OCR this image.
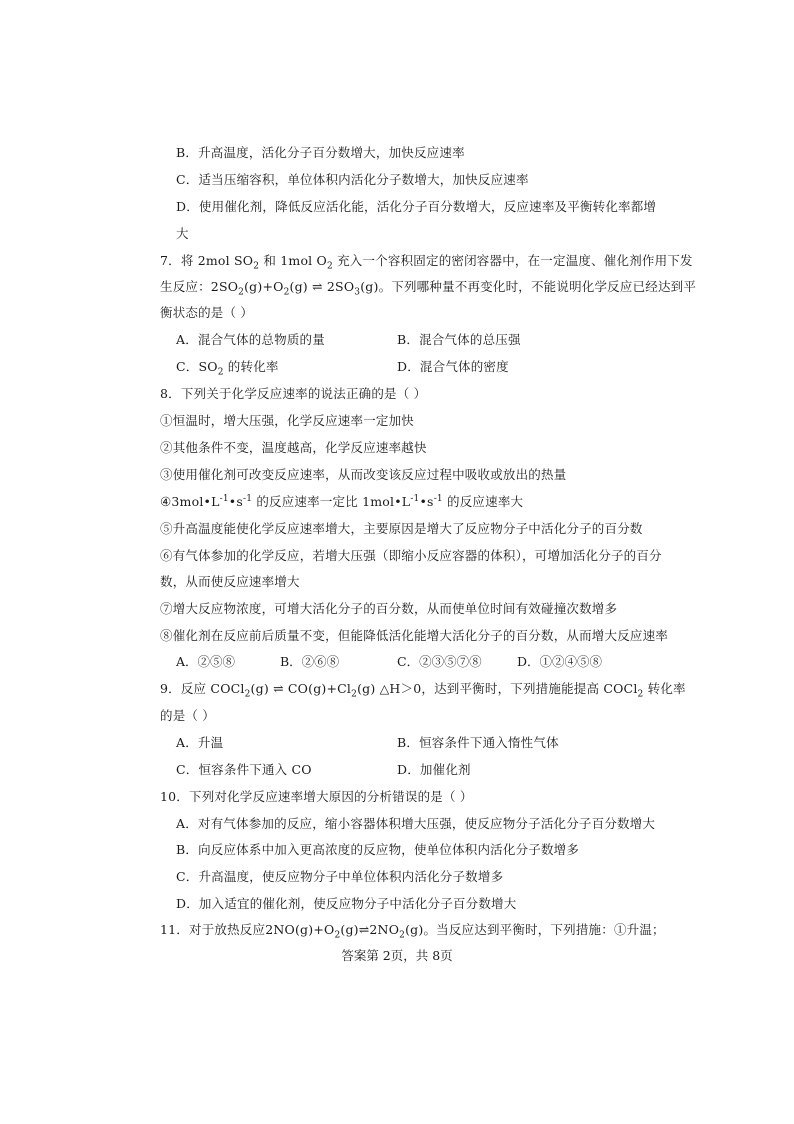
B．升高温度，活化分子百分数增大，加快反应速率
C．适当压缩容积，单位体积内活化分子数增大，加快反应速率
D．使用催化剂，降低反应活化能，活化分子百分数增大，反应速率及平衡转化率都增
大
7．将 2mol $SO_2$ 和 1mol $O_2$ 充入一个容积固定的密闭容器中，在一定温度、催化剂作用下发
生反应：$2SO_2(g)+O_2(g)$ ⇌ $2SO_3(g)$。下列哪种量不再变化时，不能说明化学反应已经达到平
衡状态的是（ ）
A．混合气体的总物质的量	B．混合气体的总压强
C．$SO_2$ 的转化率	D．混合气体的密度
8．下列关于化学反应速率的说法正确的是（ ）
①恒温时，增大压强，化学反应速率一定加快
②其他条件不变，温度越高，化学反应速率越快
③使用催化剂可改变反应速率，从而改变该反应过程中吸收或放出的热量
$④3mol•L^{-1}•s^{-1}$ 的反应速率一定比 $1mol•L^{-1}•s^{-1}$ 的反应速率大
⑤升高温度能使化学反应速率增大，主要原因是增大了反应物分子中活化分子的百分数
⑥有气体参加的化学反应，若增大压强（即缩小反应容器的体积），可增加活化分子的百分
数，从而使反应速率增大
⑦增大反应物浓度，可增大活化分子的百分数，从而使单位时间有效碰撞次数增多
⑧催化剂在反应前后质量不变，但能降低活化能增大活化分子的百分数，从而增大反应速率
A．②⑤⑧	B．②⑥⑧	C．②③⑤⑦⑧	D．①②④⑤⑧
9．反应 COCl$_2$(g) ⇌ $CO(g)+Cl_2(g)$ △H＞0，达到平衡时，下列措施能提高 COCl$_2$ 转化率
的是（ ）
A．升温	B．恒容条件下通入惰性气体
C．恒容条件下通入 CO	D．加催化剂
10．下列对化学反应速率增大原因的分析错误的是（ ）
A．对有气体参加的反应，缩小容器体积增大压强，使反应物分子活化分子百分数增大
B．向反应体系中加入更高浓度的反应物，使单位体积内活化分子数增多
C．升高温度，使反应物分子中单位体积内活化分子数增多
D．加入适宜的催化剂，使反应物分子中活化分子百分数增大
11．对于放热反应$2NO(g)+O_2(g)\rightleftharpoons 2NO_2(g)$。当反应达到平衡时，下列措施：①升温；
答案第 2页，共 8页
